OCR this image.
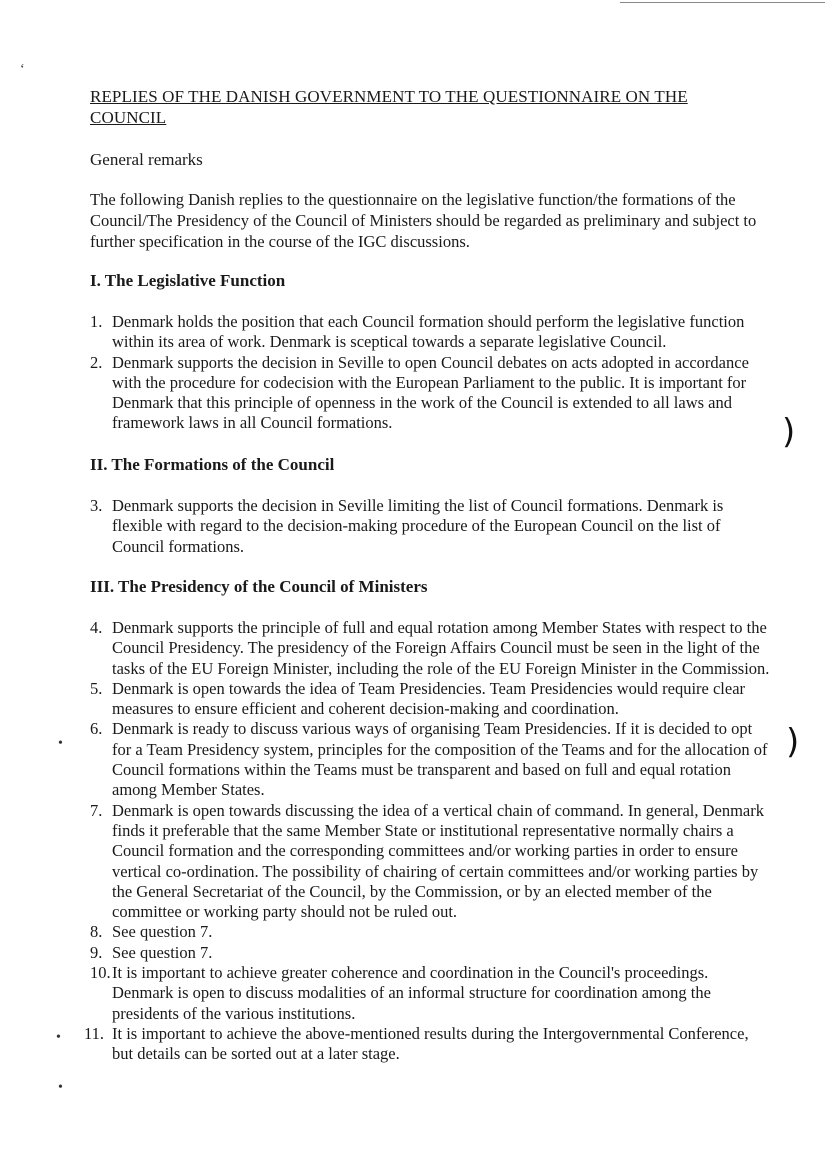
REPLIES OF THE DANISH GOVERNMENT TO THE QUESTIONNAIRE ON THE COUNCIL
General remarks
The following Danish replies to the questionnaire on the legislative function/the formations of the Council/The Presidency of the Council of Ministers should be regarded as preliminary and subject to further specification in the course of the IGC discussions.
I. The Legislative Function
1. Denmark holds the position that each Council formation should perform the legislative function within its area of work. Denmark is sceptical towards a separate legislative Council.
2. Denmark supports the decision in Seville to open Council debates on acts adopted in accordance with the procedure for codecision with the European Parliament to the public. It is important for Denmark that this principle of openness in the work of the Council is extended to all laws and framework laws in all Council formations.
II. The Formations of the Council
3. Denmark supports the decision in Seville limiting the list of Council formations. Denmark is flexible with regard to the decision-making procedure of the European Council on the list of Council formations.
III. The Presidency of the Council of Ministers
4. Denmark supports the principle of full and equal rotation among Member States with respect to the Council Presidency. The presidency of the Foreign Affairs Council must be seen in the light of the tasks of the EU Foreign Minister, including the role of the EU Foreign Minister in the Commission.
5. Denmark is open towards the idea of Team Presidencies. Team Presidencies would require clear measures to ensure efficient and coherent decision-making and coordination.
6. Denmark is ready to discuss various ways of organising Team Presidencies. If it is decided to opt for a Team Presidency system, principles for the composition of the Teams and for the allocation of Council formations within the Teams must be transparent and based on full and equal rotation among Member States.
7. Denmark is open towards discussing the idea of a vertical chain of command. In general, Denmark finds it preferable that the same Member State or institutional representative normally chairs a Council formation and the corresponding committees and/or working parties in order to ensure vertical co-ordination. The possibility of chairing of certain committees and/or working parties by the General Secretariat of the Council, by the Commission, or by an elected member of the committee or working party should not be ruled out.
8. See question 7.
9. See question 7.
10. It is important to achieve greater coherence and coordination in the Council's proceedings. Denmark is open to discuss modalities of an informal structure for coordination among the presidents of the various institutions.
11. It is important to achieve the above-mentioned results during the Intergovernmental Conference, but details can be sorted out at a later stage.
‘
•
•
•
)
)
